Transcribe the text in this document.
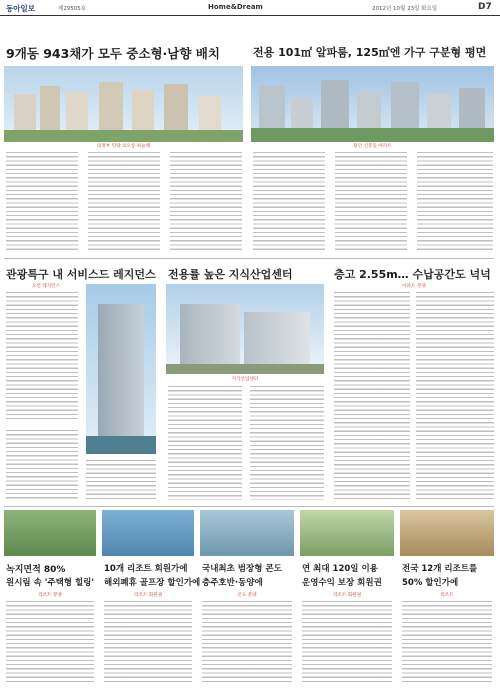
동아일보	제29505호	Home&Dream	2012년 10월 23일 화요일	D7
9개동 943채가 모두 중소형·남향 배치
의정부 민락 코오롱 하늘채
전용 101㎡ 알파룸, 125㎡엔 가구 구분형 평면
용인 신봉동 아파트
관광특구 내 서비스드 레지던스
오션 레지던스
전용률 높은 지식산업센터
지식산업센터
층고 2.55m… 수납공간도 넉넉
아파트 분양
녹지면적 80%
원시림 속 '주택형 힐링'
10개 리조트 회원가에
해외폐휴 골프장 할인가에
국내최초 범장형 콘도
충주호반·동양에
연 최대 120일 이용
운영수익 보장 회원권
전국 12개 리조트를
50% 할인가에
리조트 분양	리조트 회원권	콘도 분양	리조트 회원권	리조트
